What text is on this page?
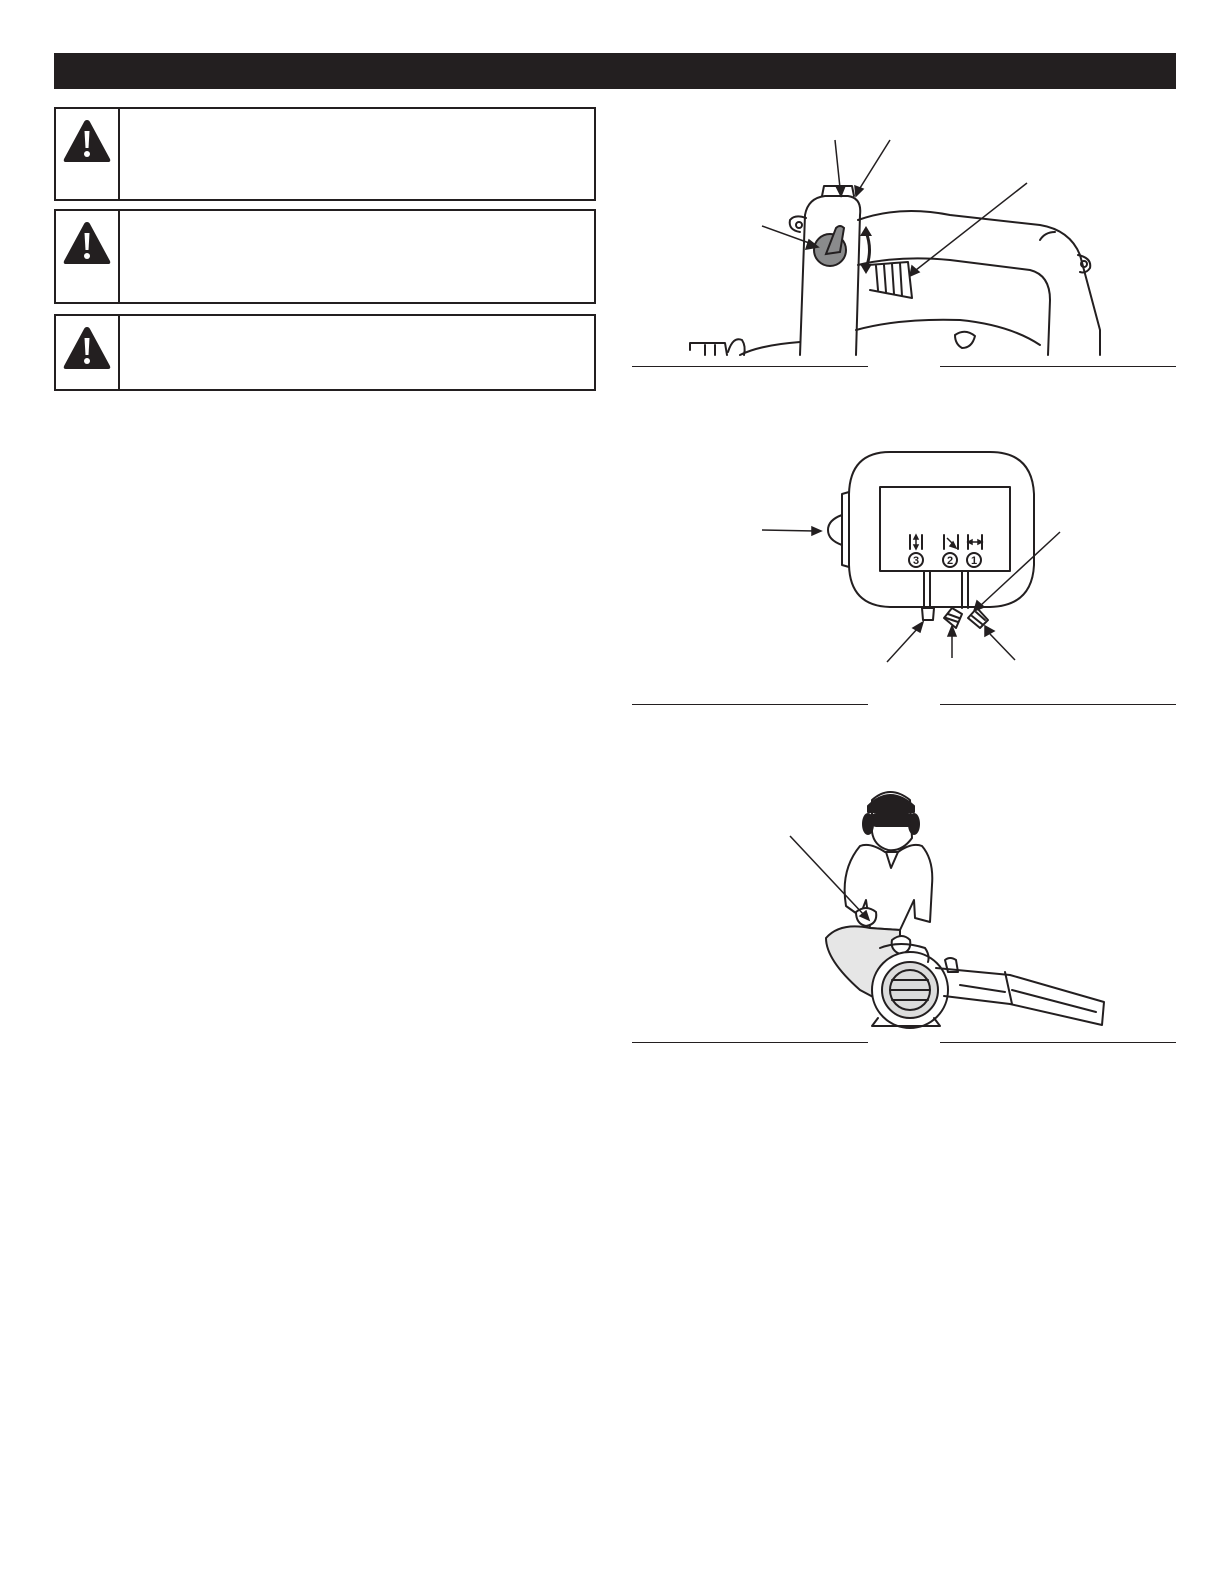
3	2 1
